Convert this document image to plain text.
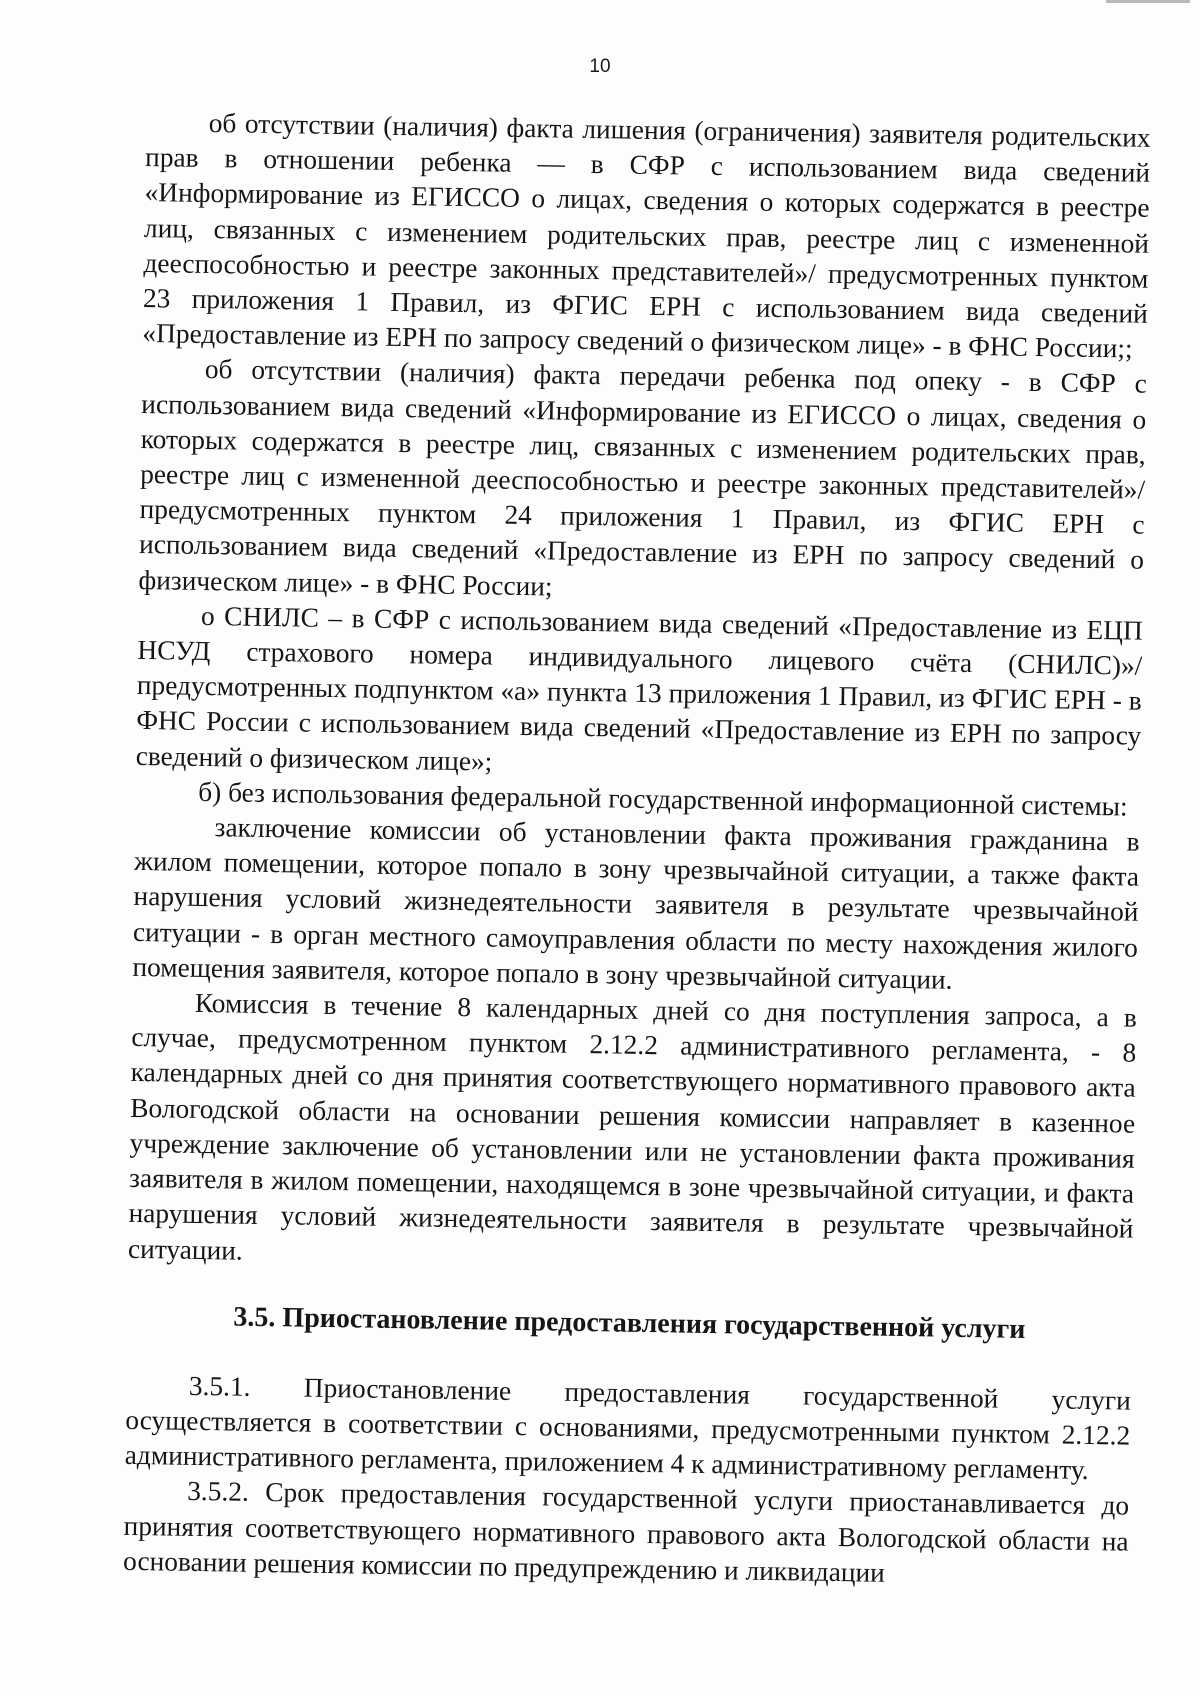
10

об отсутствии (наличия) факта лишения (ограничения) заявителя родительских прав в отношении ребенка — в СФР с использованием вида сведений «Информирование из ЕГИССО о лицах, сведения о которых содержатся в реестре лиц, связанных с изменением родительских прав, реестре лиц с измененной дееспособностью и реестре законных представителей»/ предусмотренных пунктом 23 приложения 1 Правил, из ФГИС ЕРН с использованием вида сведений «Предоставление из ЕРН по запросу сведений о физическом лице» - в ФНС России;;

об отсутствии (наличия) факта передачи ребенка под опеку - в СФР с использованием вида сведений «Информирование из ЕГИССО о лицах, сведения о которых содержатся в реестре лиц, связанных с изменением родительских прав, реестре лиц с измененной дееспособностью и реестре законных представителей»/предусмотренных пунктом 24 приложения 1 Правил, из ФГИС ЕРН с использованием вида сведений «Предоставление из ЕРН по запросу сведений о физическом лице» - в ФНС России;

о СНИЛС – в СФР с использованием вида сведений «Предоставление из ЕЦП НСУД страхового номера индивидуального лицевого счёта (СНИЛС)»/ предусмотренных подпунктом «а» пункта 13 приложения 1 Правил, из ФГИС ЕРН - в ФНС России с использованием вида сведений «Предоставление из ЕРН по запросу сведений о физическом лице»;

б) без использования федеральной государственной информационной системы:

заключение комиссии об установлении факта проживания гражданина в жилом помещении, которое попало в зону чрезвычайной ситуации, а также факта нарушения условий жизнедеятельности заявителя в результате чрезвычайной ситуации - в орган местного самоуправления области по месту нахождения жилого помещения заявителя, которое попало в зону чрезвычайной ситуации.

Комиссия в течение 8 календарных дней со дня поступления запроса, а в случае, предусмотренном пунктом 2.12.2 административного регламента, - 8 календарных дней со дня принятия соответствующего нормативного правового акта Вологодской области на основании решения комиссии направляет в казенное учреждение заключение об установлении или не установлении факта проживания заявителя в жилом помещении, находящемся в зоне чрезвычайной ситуации, и факта нарушения условий жизнедеятельности заявителя в результате чрезвычайной ситуации.

3.5. Приостановление предоставления государственной услуги

3.5.1. Приостановление предоставления государственной услуги осуществляется в соответствии с основаниями, предусмотренными пунктом 2.12.2 административного регламента, приложением 4 к административному регламенту.

3.5.2. Срок предоставления государственной услуги приостанавливается до принятия соответствующего нормативного правового акта Вологодской области на основании решения комиссии по предупреждению и ликвидации
